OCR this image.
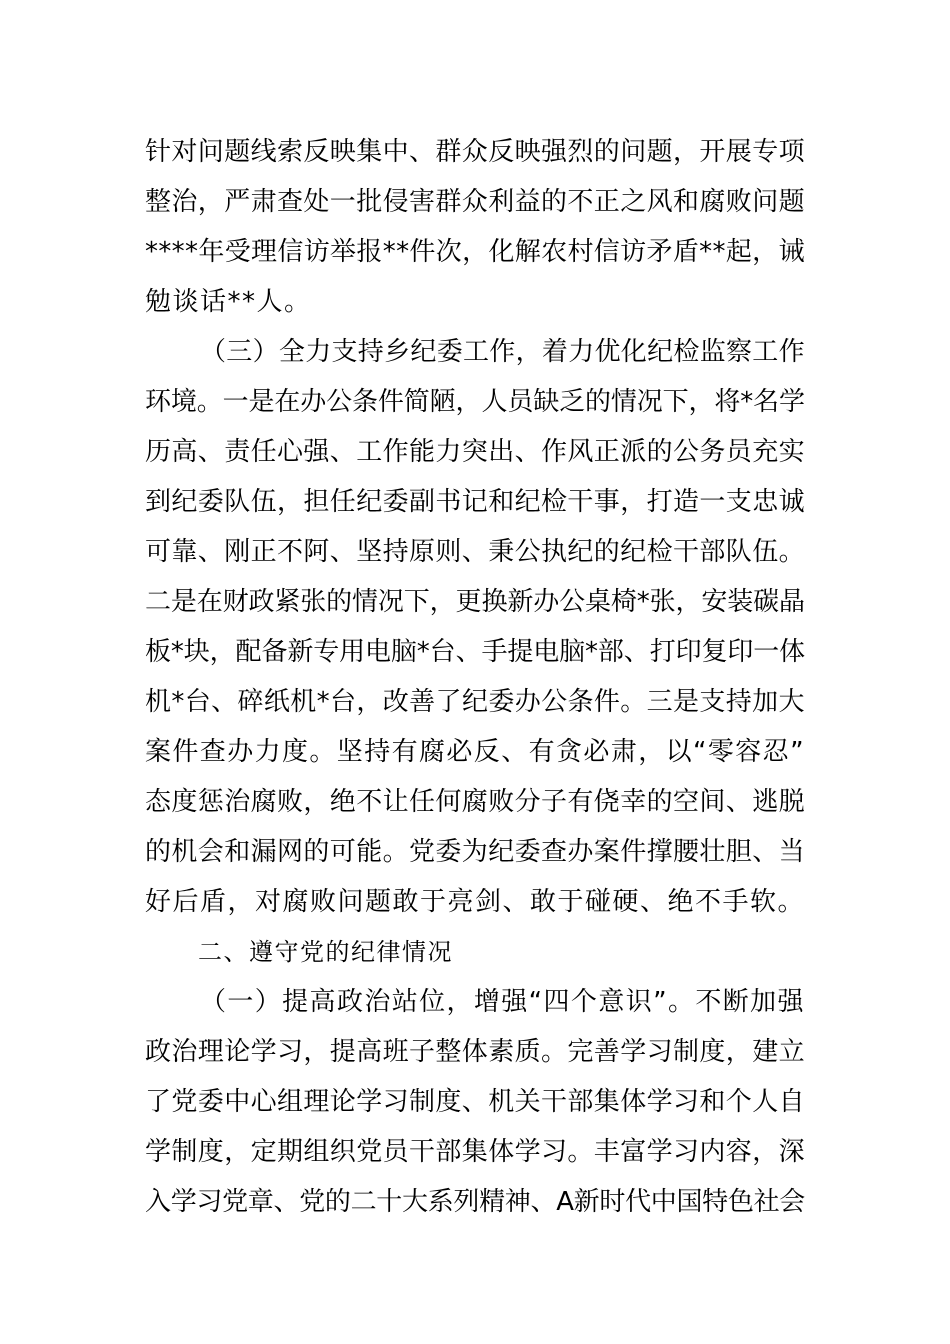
针对问题线索反映集中、群众反映强烈的问题，开展专项
整治，严肃查处一批侵害群众利益的不正之风和腐败问题
****年受理信访举报**件次，化解农村信访矛盾**起，诫
勉谈话**人。
（三）全力支持乡纪委工作，着力优化纪检监察工作
环境。一是在办公条件简陋，人员缺乏的情况下，将*名学
历高、责任心强、工作能力突出、作风正派的公务员充实
到纪委队伍，担任纪委副书记和纪检干事，打造一支忠诚
可靠、刚正不阿、坚持原则、秉公执纪的纪检干部队伍。
二是在财政紧张的情况下，更换新办公桌椅*张，安装碳晶
板*块，配备新专用电脑*台、手提电脑*部、打印复印一体
机*台、碎纸机*台，改善了纪委办公条件。三是支持加大
案件查办力度。坚持有腐必反、有贪必肃，以“零容忍”
态度惩治腐败，绝不让任何腐败分子有侥幸的空间、逃脱
的机会和漏网的可能。党委为纪委查办案件撑腰壮胆、当
好后盾，对腐败问题敢于亮剑、敢于碰硬、绝不手软。
二、遵守党的纪律情况
（一）提高政治站位，增强“四个意识”。不断加强
政治理论学习，提高班子整体素质。完善学习制度，建立
了党委中心组理论学习制度、机关干部集体学习和个人自
学制度，定期组织党员干部集体学习。丰富学习内容，深
入学习党章、党的二十大系列精神、A新时代中国特色社会
